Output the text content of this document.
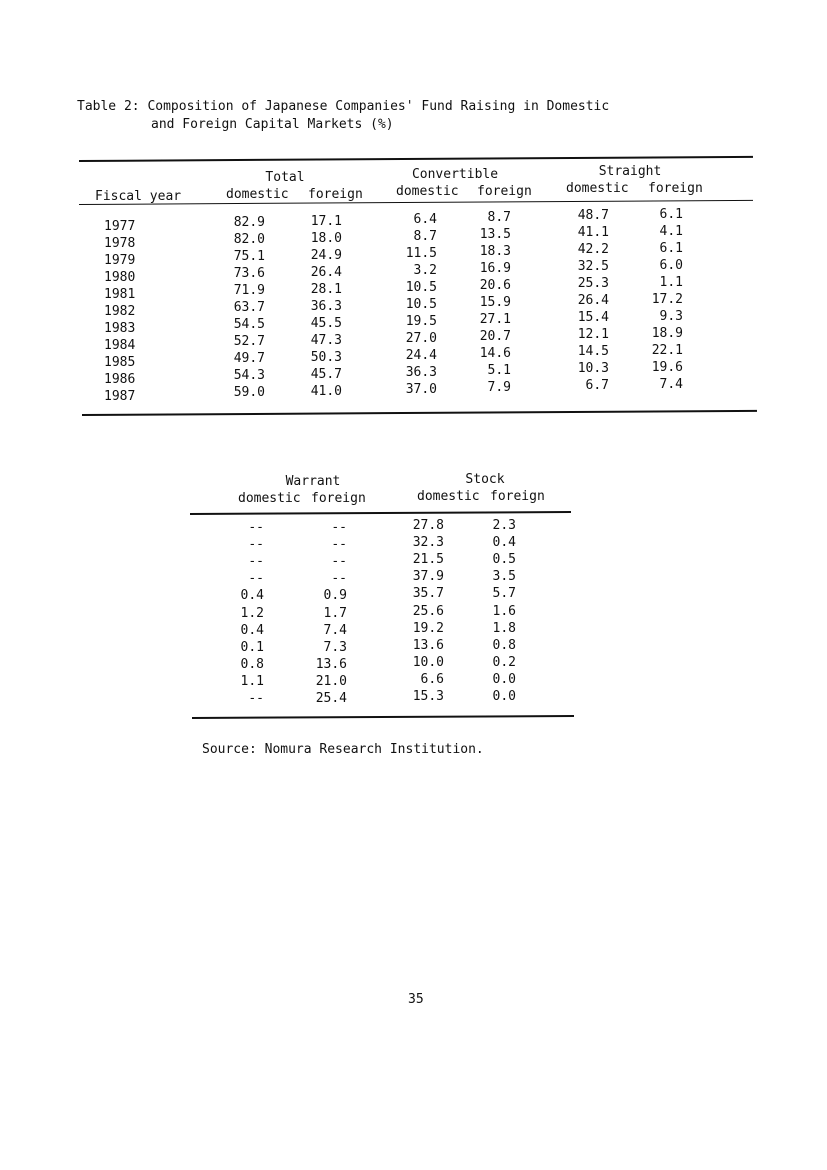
Table 2: Composition of Japanese Companies' Fund Raising in Domestic
and Foreign Capital Markets (%)
Total	Convertible	Straight
Fiscal year	domestic foreign	domestic foreign	domestic foreign
1977	82.9	17.1	6.4	8.7	48.7	6.1
1978	82.0	18.0	8.7	13.5	41.1	4.1
1979	75.1	24.9	11.5	18.3	42.2	6.1
1980	73.6	26.4	3.2	16.9	32.5	6.0
1981	71.9	28.1	10.5	20.6	25.3	1.1
1982	63.7	36.3	10.5	15.9	26.4	17.2
1983	54.5	45.5	19.5	27.1	15.4	9.3
1984	52.7	47.3	27.0	20.7	12.1	18.9
1985	49.7	50.3	24.4	14.6	14.5	22.1
1986	54.3	45.7	36.3	5.1	10.3	19.6
1987	59.0	41.0	37.0	7.9	6.7	7.4
Warrant	Stock
domestic foreign	domestic foreign
--	--	27.8	2.3
--	--	32.3	0.4
--	--	21.5	0.5
--	--	37.9	3.5
0.4	0.9	35.7	5.7
1.2	1.7	25.6	1.6
0.4	7.4	19.2	1.8
0.1	7.3	13.6	0.8
0.8	13.6	10.0	0.2
1.1	21.0	6.6	0.0
--	25.4	15.3	0.0
Source: Nomura Research Institution.
35
